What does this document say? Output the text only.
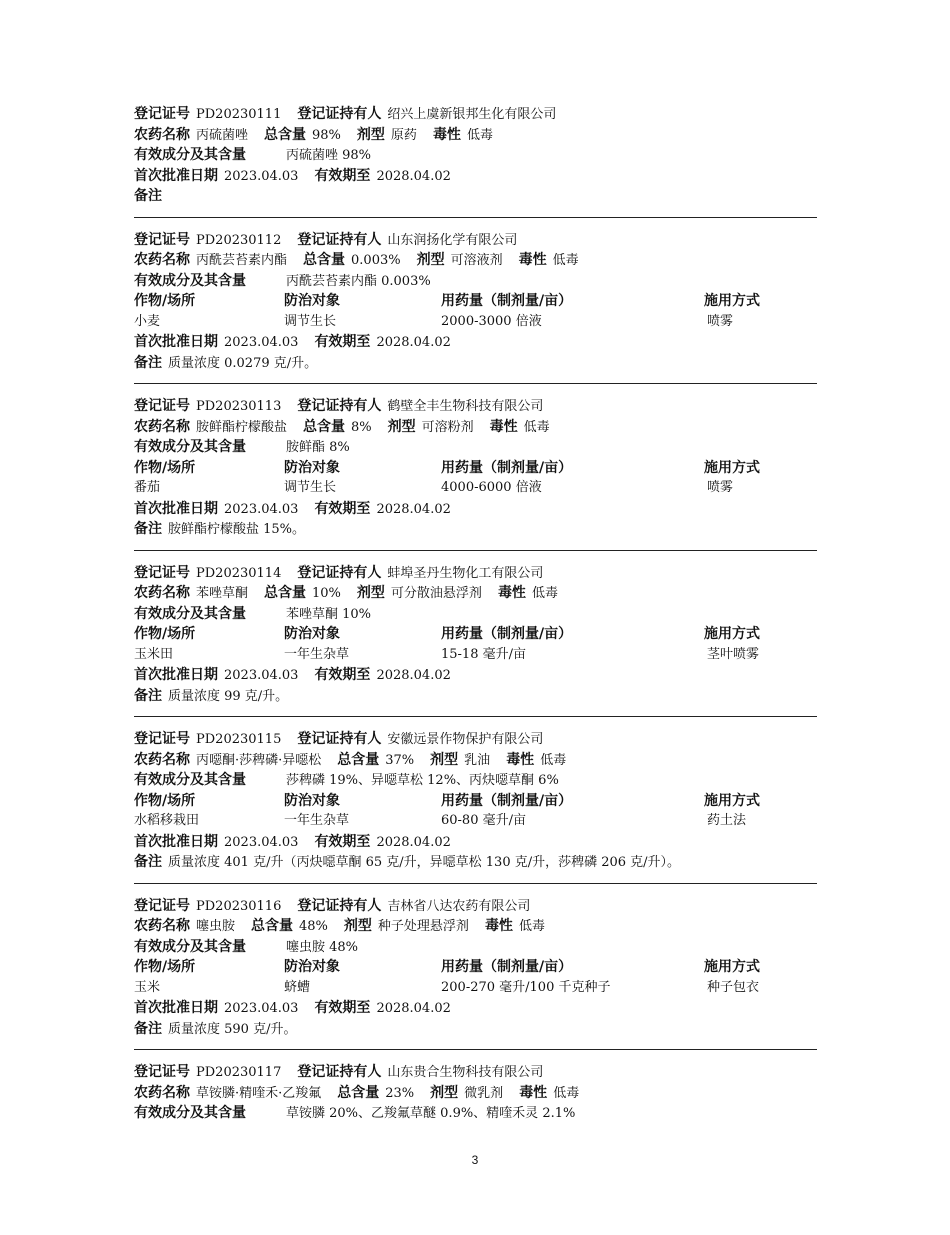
登记证号 PD20230111 登记证持有人 绍兴上虞新银邦生化有限公司
农药名称 丙硫菌唑 总含量 98% 剂型 原药 毒性 低毒
有效成分及其含量	丙硫菌唑 98%
首次批准日期 2023.04.03 有效期至 2028.04.02
备注
登记证号 PD20230112 登记证持有人 山东润扬化学有限公司
农药名称 丙酰芸苔素内酯 总含量 0.003% 剂型 可溶液剂 毒性 低毒
有效成分及其含量	丙酰芸苔素内酯 0.003%
作物/场所	防治对象	用药量（制剂量/亩）	施用方式
小麦	调节生长	2000-3000 倍液	喷雾
首次批准日期 2023.04.03 有效期至 2028.04.02
备注 质量浓度 0.0279 克/升。
登记证号 PD20230113 登记证持有人 鹤壁全丰生物科技有限公司
农药名称 胺鲜酯柠檬酸盐 总含量 8% 剂型 可溶粉剂 毒性 低毒
有效成分及其含量	胺鲜酯 8%
作物/场所	防治对象	用药量（制剂量/亩）	施用方式
番茄	调节生长	4000-6000 倍液	喷雾
首次批准日期 2023.04.03 有效期至 2028.04.02
备注 胺鲜酯柠檬酸盐 15%。
登记证号 PD20230114 登记证持有人 蚌埠圣丹生物化工有限公司
农药名称 苯唑草酮 总含量 10% 剂型 可分散油悬浮剂 毒性 低毒
有效成分及其含量	苯唑草酮 10%
作物/场所	防治对象	用药量（制剂量/亩）	施用方式
玉米田	一年生杂草	15-18 毫升/亩	茎叶喷雾
首次批准日期 2023.04.03 有效期至 2028.04.02
备注 质量浓度 99 克/升。
登记证号 PD20230115 登记证持有人 安徽远景作物保护有限公司
农药名称 丙噁酮·莎稗磷·异噁松 总含量 37% 剂型 乳油 毒性 低毒
有效成分及其含量	莎稗磷 19%、异噁草松 12%、丙炔噁草酮 6%
作物/场所	防治对象	用药量（制剂量/亩）	施用方式
水稻移栽田	一年生杂草	60-80 毫升/亩	药土法
首次批准日期 2023.04.03 有效期至 2028.04.02
备注 质量浓度 401 克/升（丙炔噁草酮 65 克/升，异噁草松 130 克/升，莎稗磷 206 克/升）。
登记证号 PD20230116 登记证持有人 吉林省八达农药有限公司
农药名称 噻虫胺 总含量 48% 剂型 种子处理悬浮剂 毒性 低毒
有效成分及其含量	噻虫胺 48%
作物/场所	防治对象	用药量（制剂量/亩）	施用方式
玉米	蛴螬	200-270 毫升/100 千克种子	种子包衣
首次批准日期 2023.04.03 有效期至 2028.04.02
备注 质量浓度 590 克/升。
登记证号 PD20230117 登记证持有人 山东贵合生物科技有限公司
农药名称 草铵膦·精喹禾·乙羧氟 总含量 23% 剂型 微乳剂 毒性 低毒
有效成分及其含量	草铵膦 20%、乙羧氟草醚 0.9%、精喹禾灵 2.1%
3
